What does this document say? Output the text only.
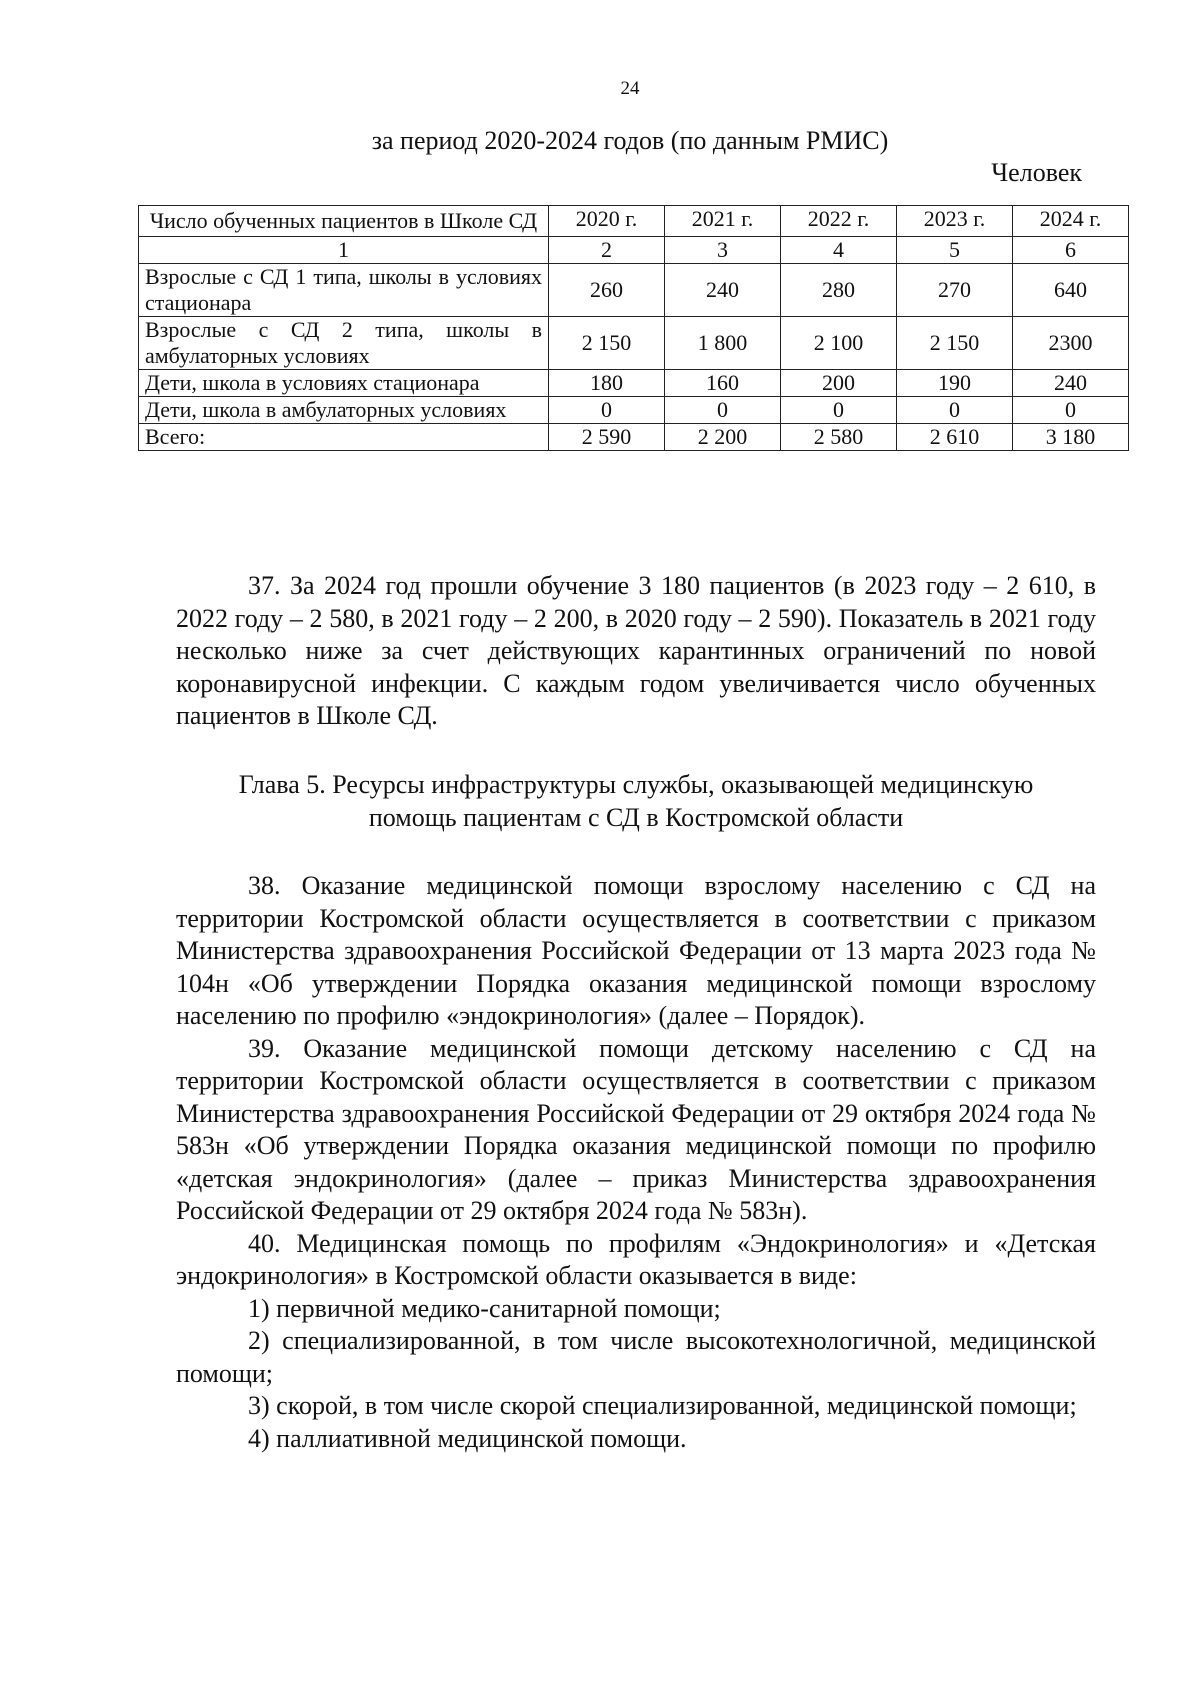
24
за период 2020-2024 годов (по данным РМИС)
Человек
Число обученных пациентов в Школе СД	2020 г.	2021 г.	2022 г.	2023 г.	2024 г.
1	2	3	4	5	6
Взрослые с СД 1 типа, школы в условиях стационара	260	240	280	270	640
Взрослые с СД 2 типа, школы в амбулаторных условиях	2 150	1 800	2 100	2 150	2300
Дети, школа в условиях стационара	180	160	200	190	240
Дети, школа в амбулаторных условиях	0	0	0	0	0
Всего:	2 590	2 200	2 580	2 610	3 180

37. За 2024 год прошли обучение 3 180 пациентов (в 2023 году – 2 610, в 2022 году – 2 580, в 2021 году – 2 200, в 2020 году – 2 590). Показатель в 2021 году несколько ниже за счет действующих карантинных ограничений по новой коронавирусной инфекции. С каждым годом увеличивается число обученных пациентов в Школе СД.

Глава 5. Ресурсы инфраструктуры службы, оказывающей медицинскую
помощь пациентам с СД в Костромской области

38. Оказание медицинской помощи взрослому населению с СД на территории Костромской области осуществляется в соответствии с приказом Министерства здравоохранения Российской Федерации от 13 марта 2023 года № 104н «Об утверждении Порядка оказания медицинской помощи взрослому населению по профилю «эндокринология» (далее – Порядок).

39. Оказание медицинской помощи детскому населению с СД на территории Костромской области осуществляется в соответствии с приказом Министерства здравоохранения Российской Федерации от 29 октября 2024 года № 583н «Об утверждении Порядка оказания медицинской помощи по профилю «детская эндокринология» (далее – приказ Министерства здравоохранения Российской Федерации от 29 октября 2024 года № 583н).

40. Медицинская помощь по профилям «Эндокринология» и «Детская эндокринология» в Костромской области оказывается в виде:

1) первичной медико-санитарной помощи;

2) специализированной, в том числе высокотехнологичной, медицинской помощи;

3) скорой, в том числе скорой специализированной, медицинской помощи;

4) паллиативной медицинской помощи.
